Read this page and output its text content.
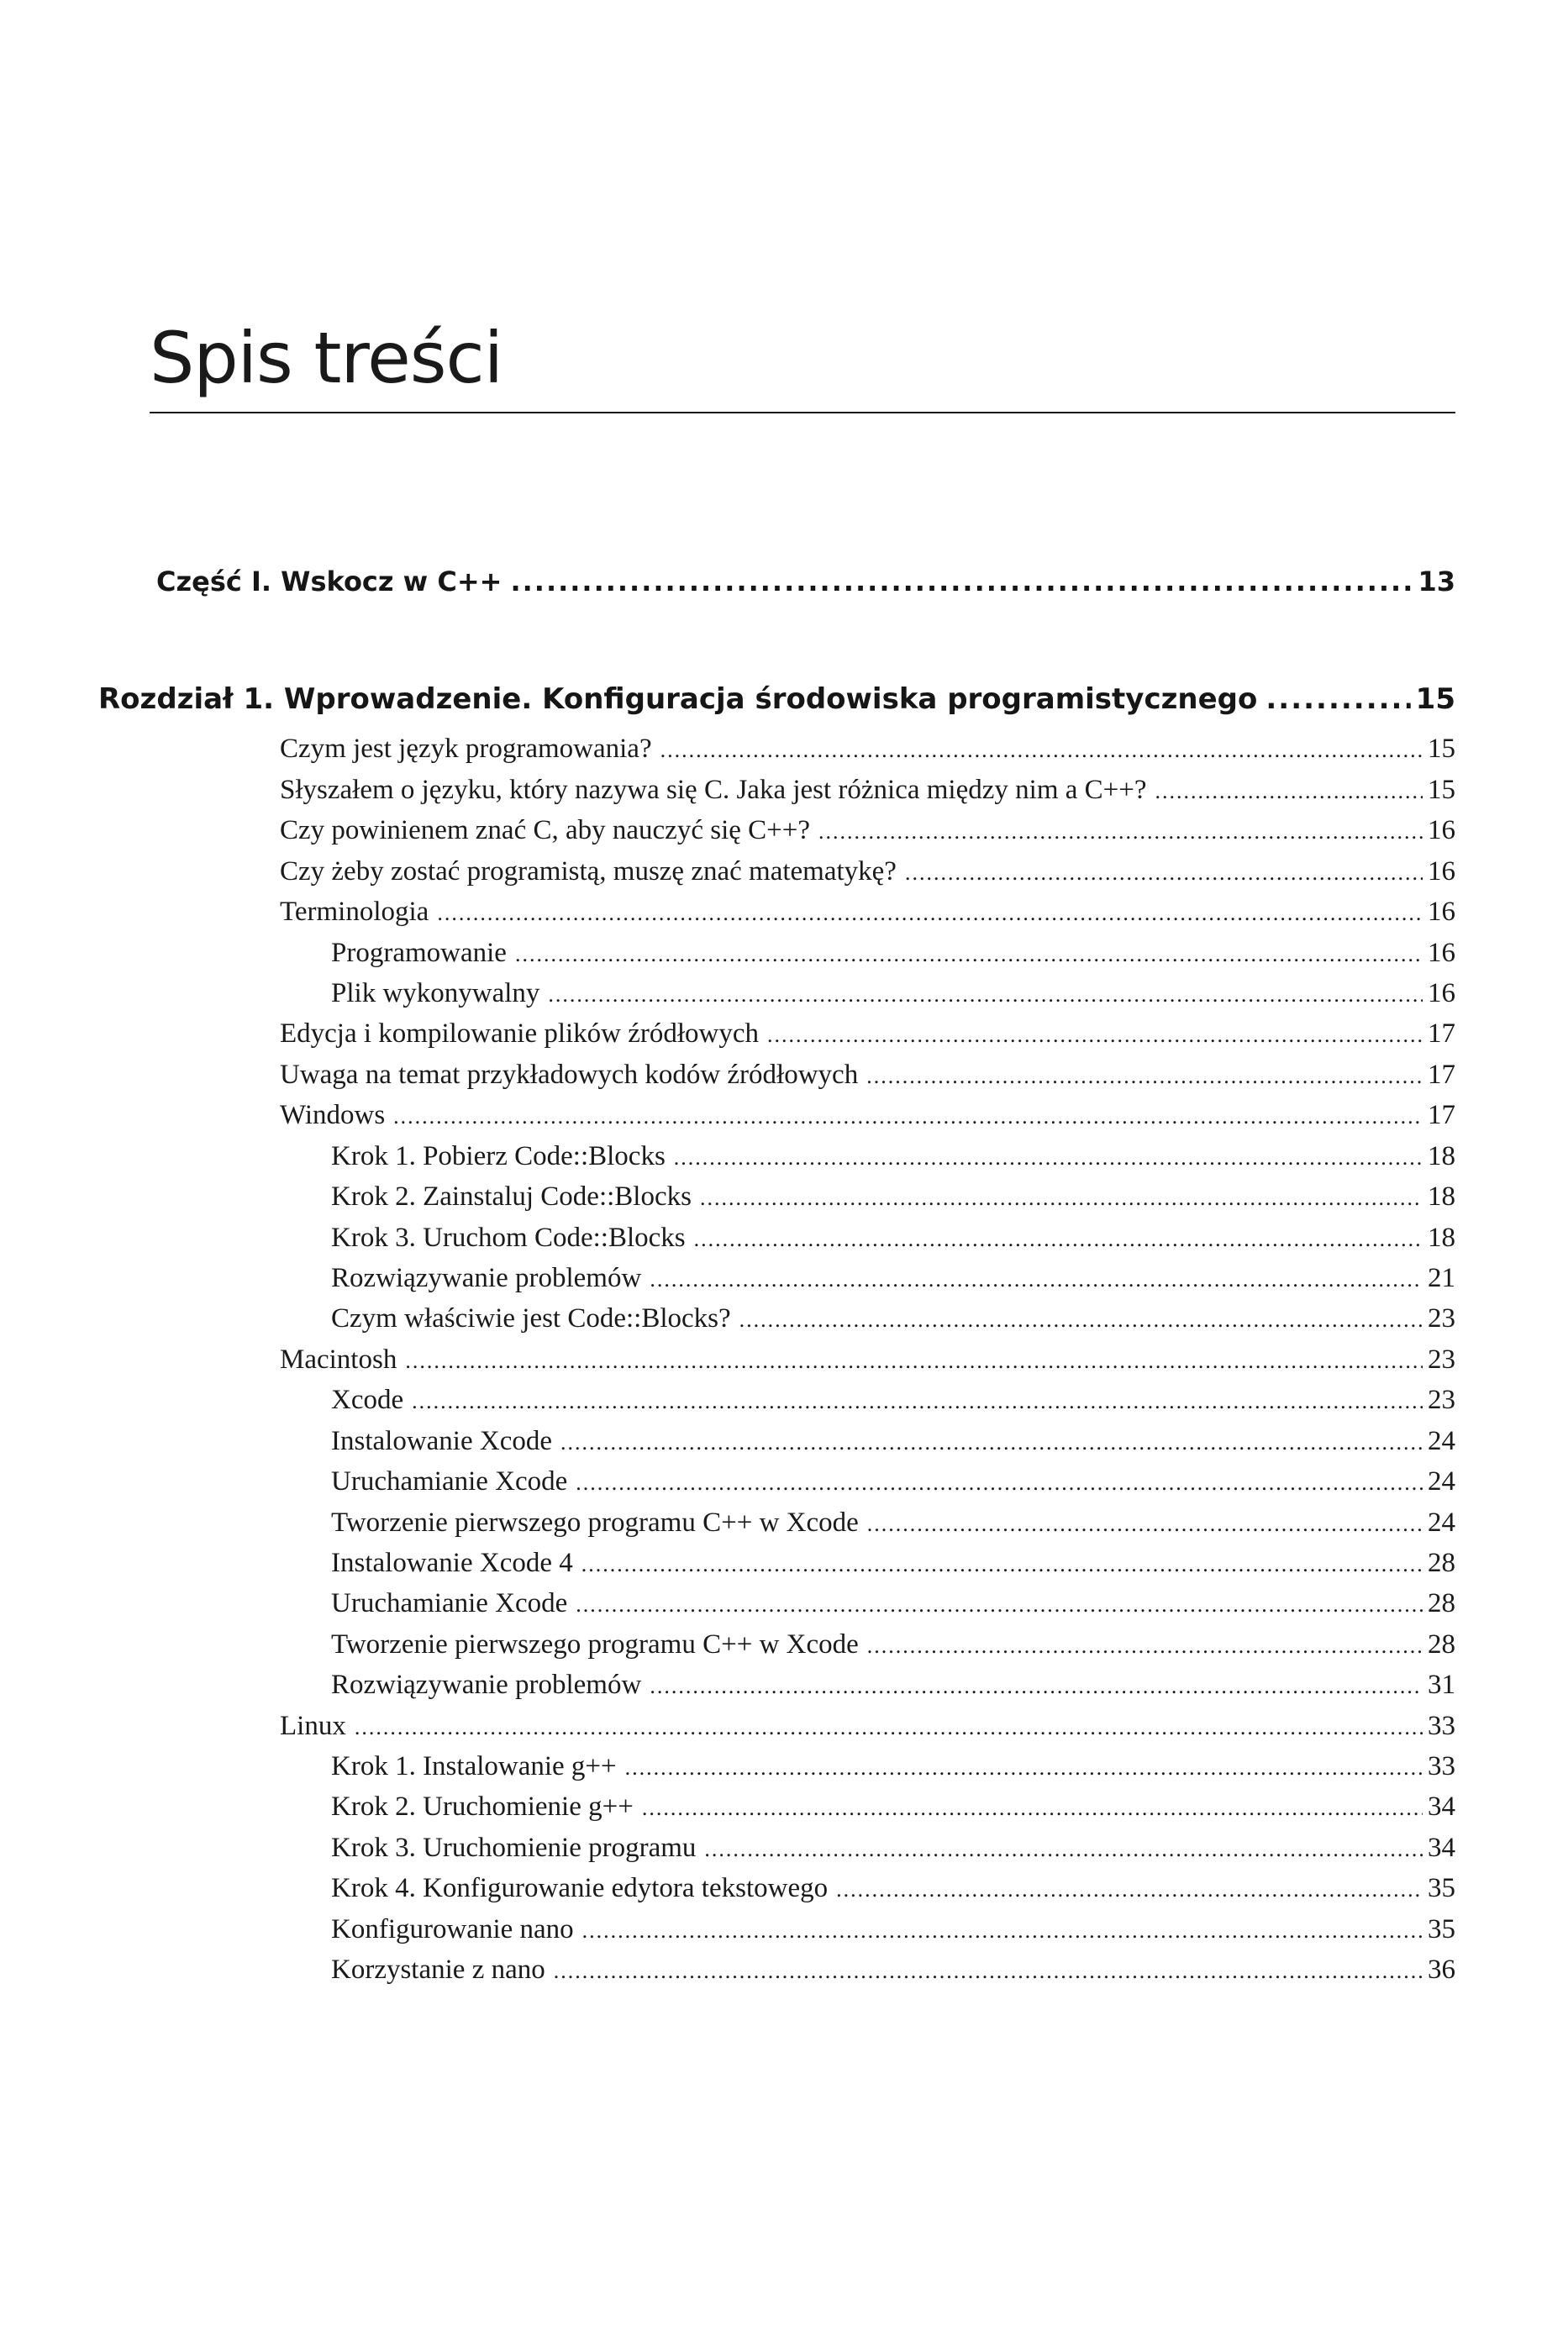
Spis treści
Część I. Wskocz w C++ .....	13
Rozdział 1. Wprowadzenie. Konfiguracja środowiska programistycznego .....	15
Czym jest język programowania? .....	15
Słyszałem o języku, który nazywa się C. Jaka jest różnica między nim a C++? .....	15
Czy powinienem znać C, aby nauczyć się C++? .....	16
Czy żeby zostać programistą, muszę znać matematykę? .....	16
Terminologia .....	16
Programowanie .....	16
Plik wykonywalny .....	16
Edycja i kompilowanie plików źródłowych .....	17
Uwaga na temat przykładowych kodów źródłowych .....	17
Windows .....	17
Krok 1. Pobierz Code::Blocks .....	18
Krok 2. Zainstaluj Code::Blocks .....	18
Krok 3. Uruchom Code::Blocks .....	18
Rozwiązywanie problemów .....	21
Czym właściwie jest Code::Blocks? .....	23
Macintosh .....	23
Xcode .....	23
Instalowanie Xcode .....	24
Uruchamianie Xcode .....	24
Tworzenie pierwszego programu C++ w Xcode .....	24
Instalowanie Xcode 4 .....	28
Uruchamianie Xcode .....	28
Tworzenie pierwszego programu C++ w Xcode .....	28
Rozwiązywanie problemów .....	31
Linux .....	33
Krok 1. Instalowanie g++ .....	33
Krok 2. Uruchomienie g++ .....	34
Krok 3. Uruchomienie programu .....	34
Krok 4. Konfigurowanie edytora tekstowego .....	35
Konfigurowanie nano .....	35
Korzystanie z nano .....	36
